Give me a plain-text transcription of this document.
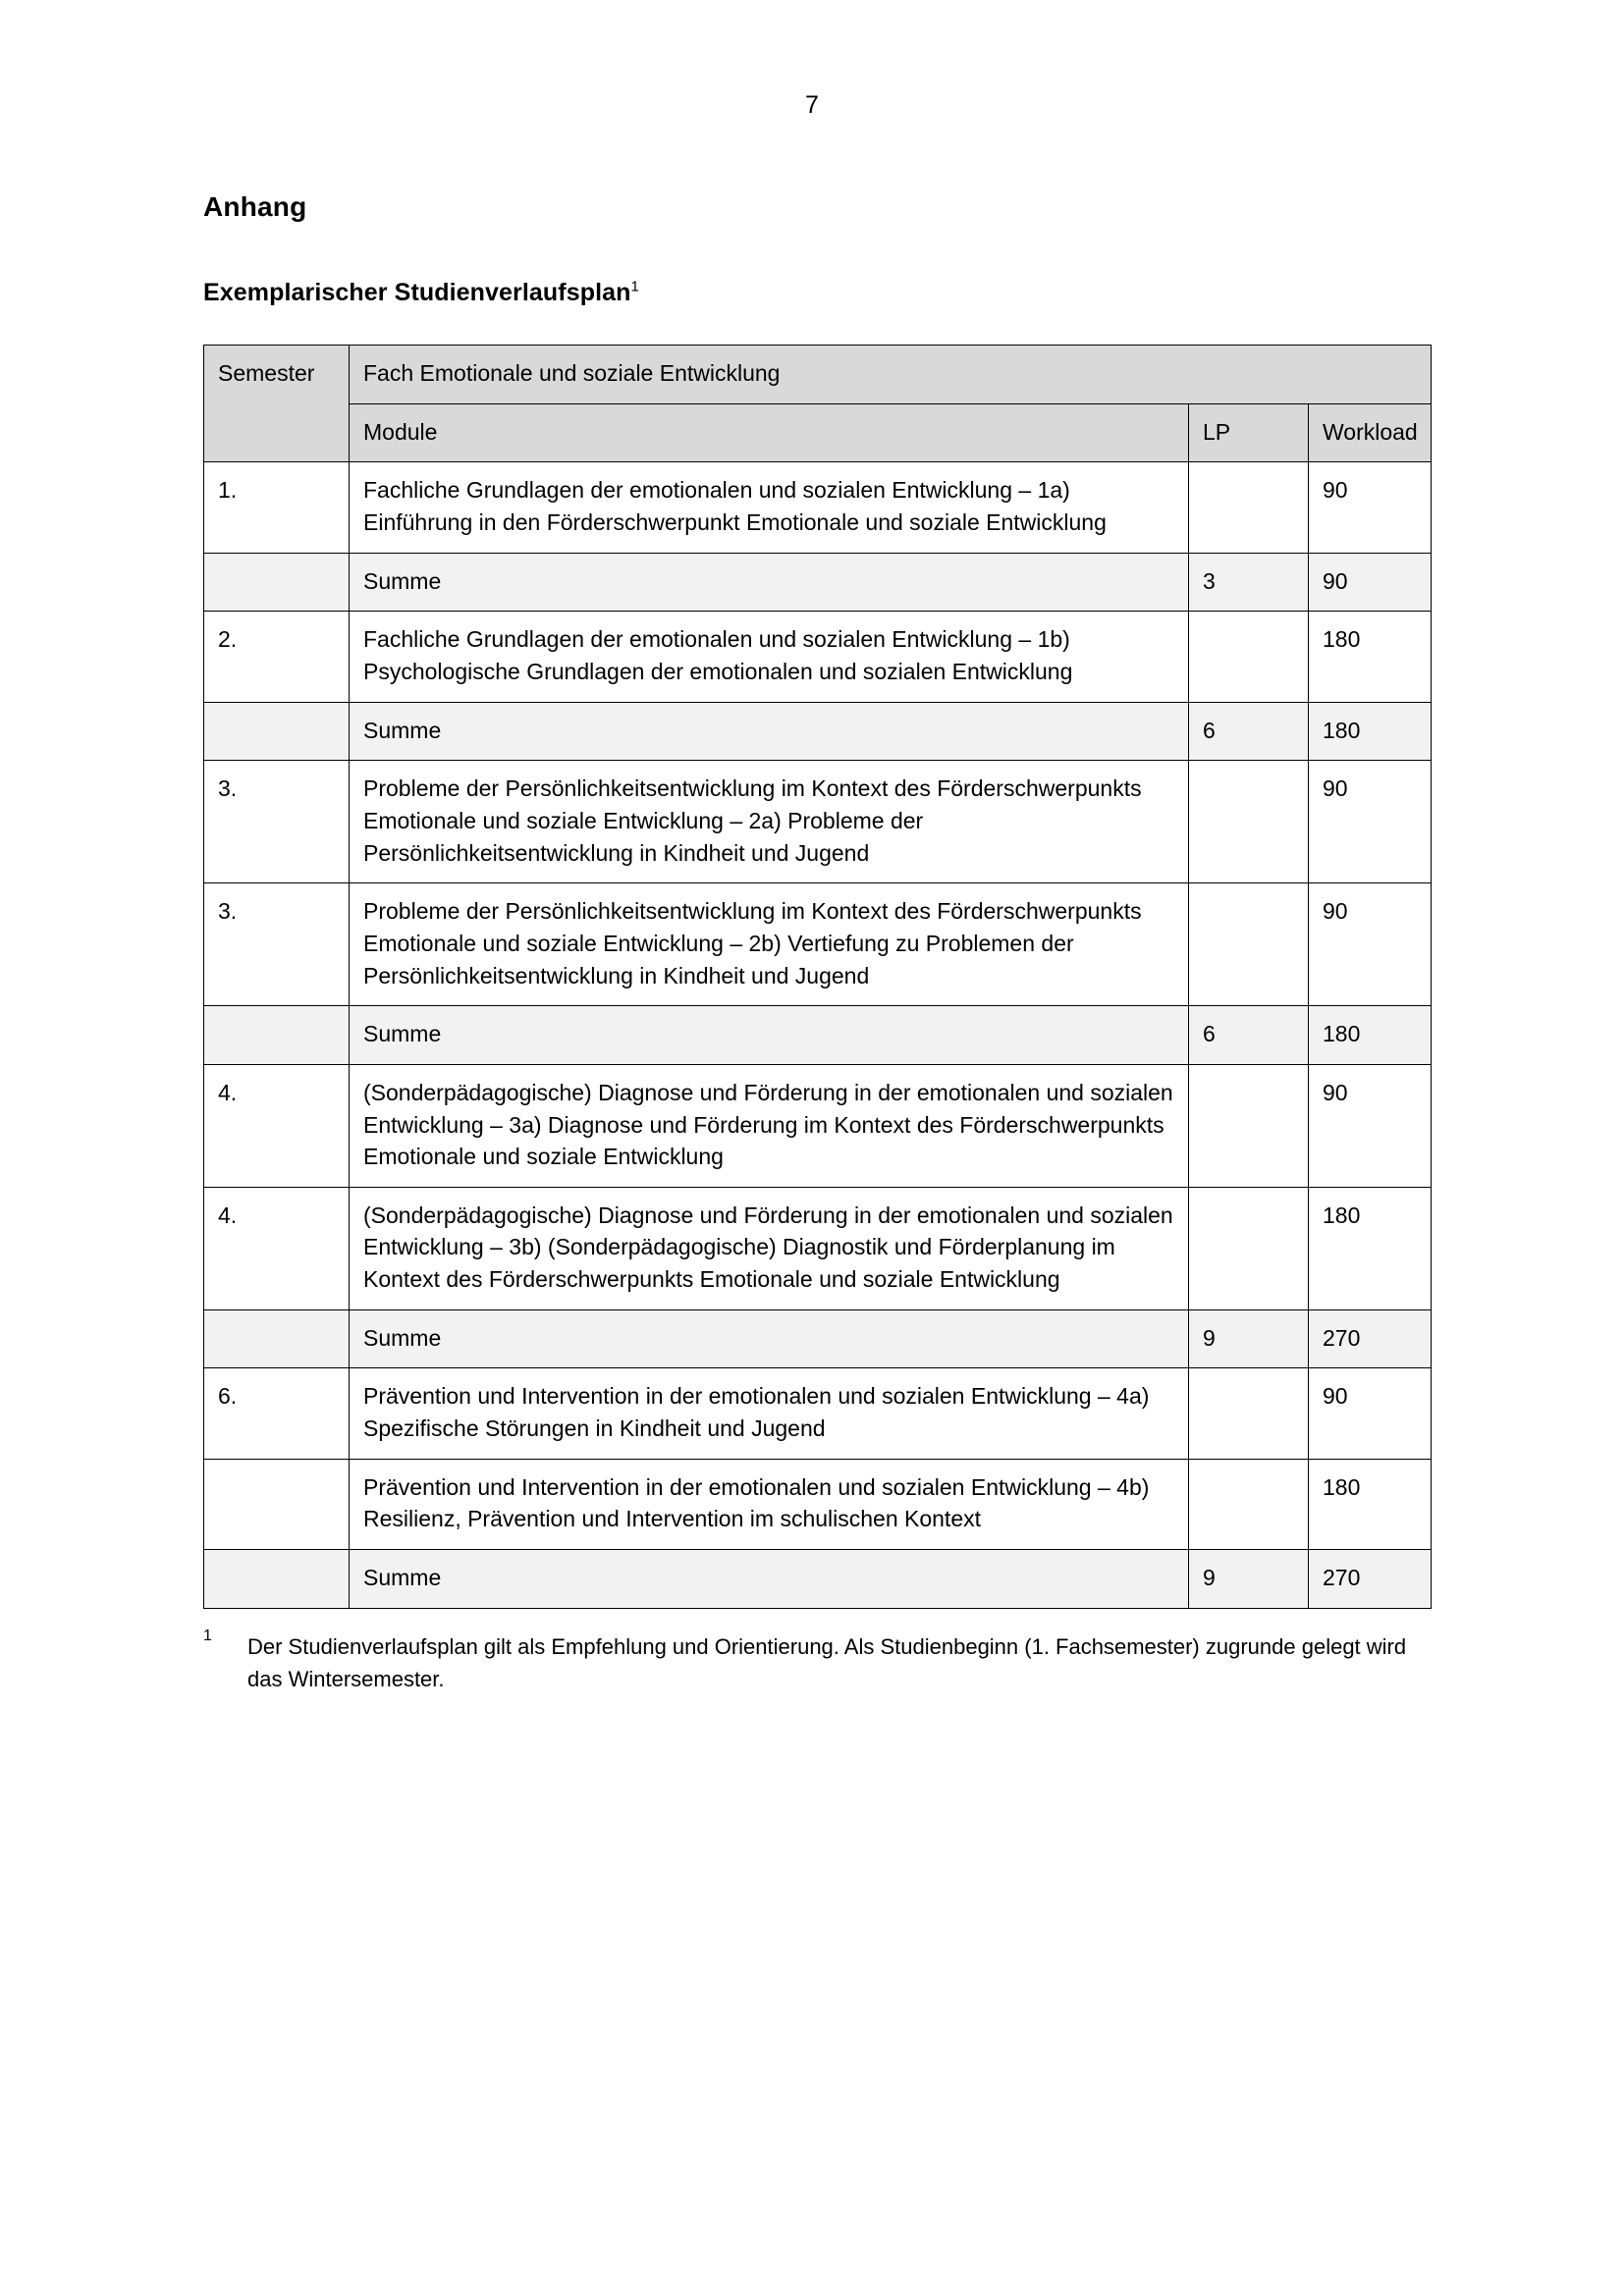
7
Anhang
Exemplarischer Studienverlaufsplan$^1$
Semester	Fach Emotionale und soziale Entwicklung		
	Module	LP	Workload
1.	Fachliche Grundlagen der emotionalen und sozialen Entwicklung – 1a) Einführung in den Förderschwerpunkt Emotionale und soziale Entwicklung		90
	Summe	3	90
2.	Fachliche Grundlagen der emotionalen und sozialen Entwicklung – 1b) Psychologische Grundlagen der emotionalen und sozialen Entwicklung		180
	Summe	6	180
3.	Probleme der Persönlichkeitsentwicklung im Kontext des Förderschwerpunkts Emotionale und soziale Entwicklung – 2a) Probleme der Persönlichkeitsentwicklung in Kindheit und Jugend		90
3.	Probleme der Persönlichkeitsentwicklung im Kontext des Förderschwerpunkts Emotionale und soziale Entwicklung – 2b) Vertiefung zu Problemen der Persönlichkeitsentwicklung in Kindheit und Jugend		90
	Summe	6	180
4.	(Sonderpädagogische) Diagnose und Förderung in der emotionalen und sozialen Entwicklung – 3a) Diagnose und Förderung im Kontext des Förderschwerpunkts Emotionale und soziale Entwicklung		90
4.	(Sonderpädagogische) Diagnose und Förderung in der emotionalen und sozialen Entwicklung – 3b) (Sonderpädagogische) Diagnostik und Förderplanung im Kontext des Förderschwerpunkts Emotionale und soziale Entwicklung		180
	Summe	9	270
6.	Prävention und Intervention in der emotionalen und sozialen Entwicklung – 4a) Spezifische Störungen in Kindheit und Jugend		90
	Prävention und Intervention in der emotionalen und sozialen Entwicklung – 4b) Resilienz, Prävention und Intervention im schulischen Kontext		180
	Summe	9	270
1 Der Studienverlaufsplan gilt als Empfehlung und Orientierung. Als Studienbeginn (1. Fachsemester) zugrunde gelegt wird das Wintersemester.
